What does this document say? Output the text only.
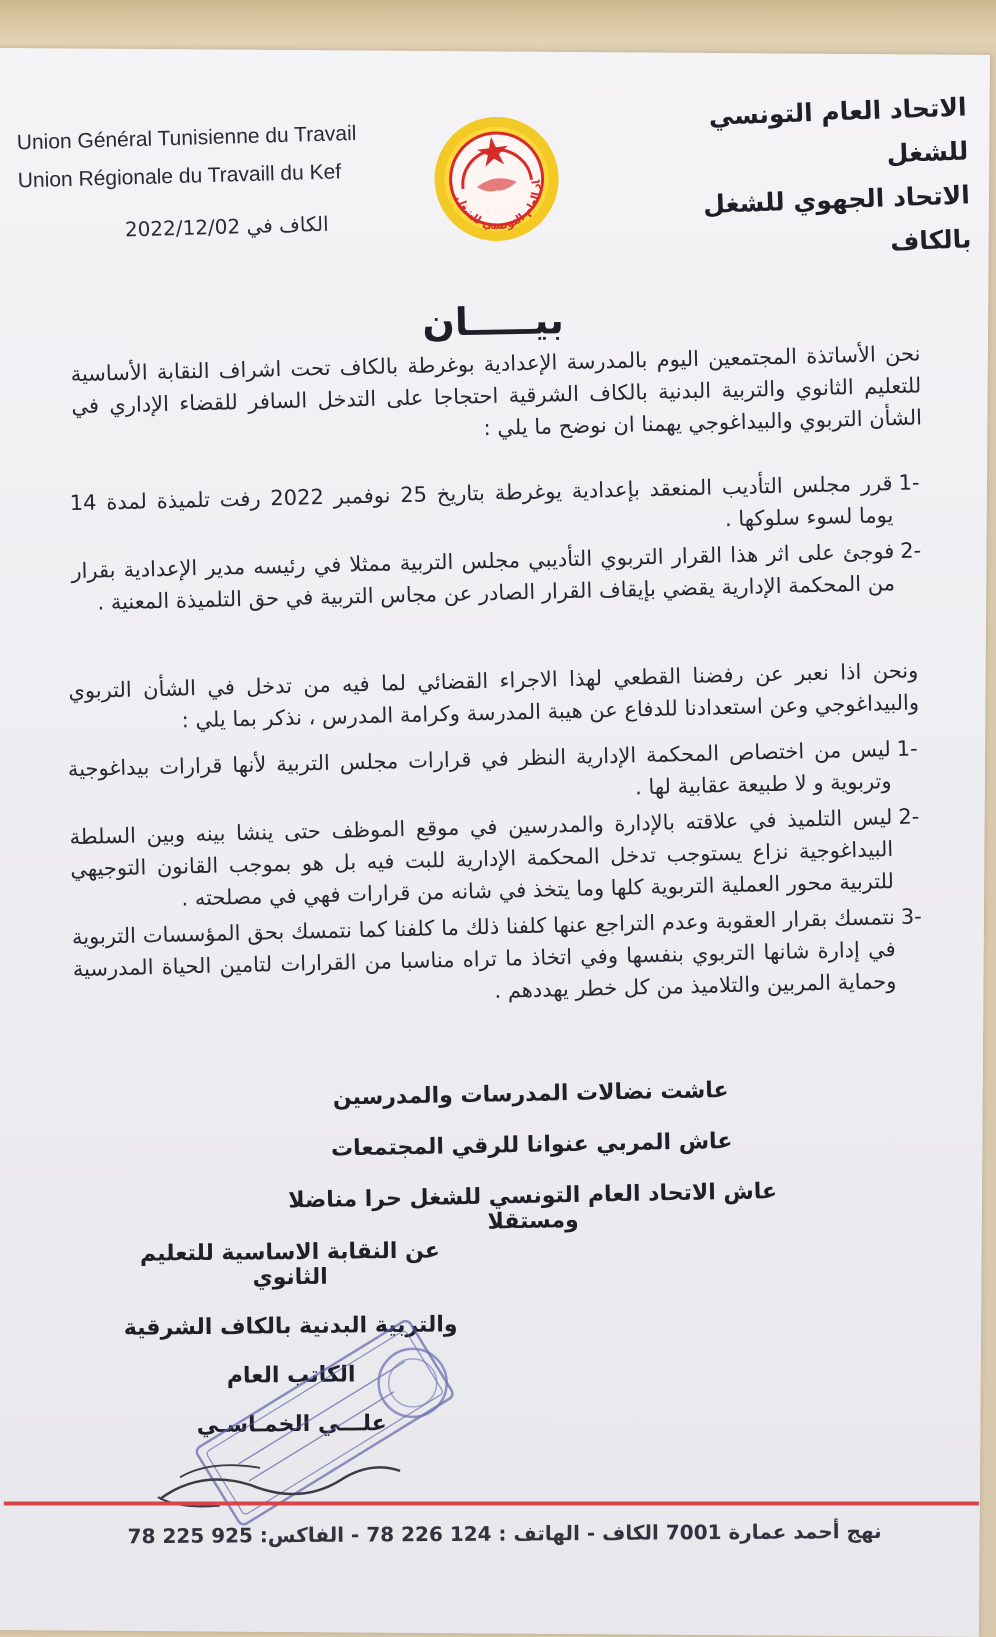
Union Général Tunisienne du Travail
Union Régionale du Travaill du Kef	الاتحاد العام التونسي للشغل
الاتحاد العام التونسي للشغل
الاتحاد الجهوي للشغل بالكاف
الكاف في 2022/12/02
بيـــــان
نحن الأساتذة المجتمعين اليوم بالمدرسة الإعدادية بوغرطة بالكاف تحت اشراف النقابة الأساسية للتعليم الثانوي والتربية البدنية بالكاف الشرقية احتجاجا على التدخل السافر للقضاء الإداري في الشأن التربوي والبيداغوجي يهمنا ان نوضح ما يلي :
-1
قرر مجلس التأديب المنعقد بإعدادية يوغرطة بتاريخ 25 نوفمبر 2022 رفت تلميذة لمدة 14 يوما لسوء سلوكها .
-2
فوجئ على اثر هذا القرار التربوي التأديبي مجلس التربية ممثلا في رئيسه مدير الإعدادية بقرار من المحكمة الإدارية يقضي بإيقاف القرار الصادر عن مجاس التربية في حق التلميذة المعنية .
ونحن اذا نعبر عن رفضنا القطعي لهذا الاجراء القضائي لما فيه من تدخل في الشأن التربوي والبيداغوجي وعن استعدادنا للدفاع عن هيبة المدرسة وكرامة المدرس ، نذكر بما يلي :
-1
ليس من اختصاص المحكمة الإدارية النظر في قرارات مجلس التربية لأنها قرارات بيداغوجية وتربوية و لا طبيعة عقابية لها .
-2
ليس التلميذ في علاقته بالإدارة والمدرسين في موقع الموظف حتى ينشا بينه وبين السلطة البيداغوجية نزاع يستوجب تدخل المحكمة الإدارية للبت فيه بل هو بموجب القانون التوجيهي للتربية محور العملية التربوية كلها وما يتخذ في شانه من قرارات فهي في مصلحته .
-3
نتمسك بقرار العقوبة وعدم التراجع عنها كلفنا ذلك ما كلفنا كما نتمسك بحق المؤسسات التربوية في إدارة شانها التربوي بنفسها وفي اتخاذ ما تراه مناسبا من القرارات لتامين الحياة المدرسية وحماية المربين والتلاميذ من كل خطر يهددهم .
عاشت نضالات المدرسات والمدرسين
عاش المربي عنوانا للرقي المجتمعات
عاش الاتحاد العام التونسي للشغل حرا مناضلا ومستقلا
عن النقابة الاساسية للتعليم الثانوي
والتربية البدنية بالكاف الشرقية
الكاتب العام
علـــي الخمـاسـي
نهج أحمد عمارة 7001 الكاف - الهاتف : 124 226 78 - الفاكس: 925 225 78
